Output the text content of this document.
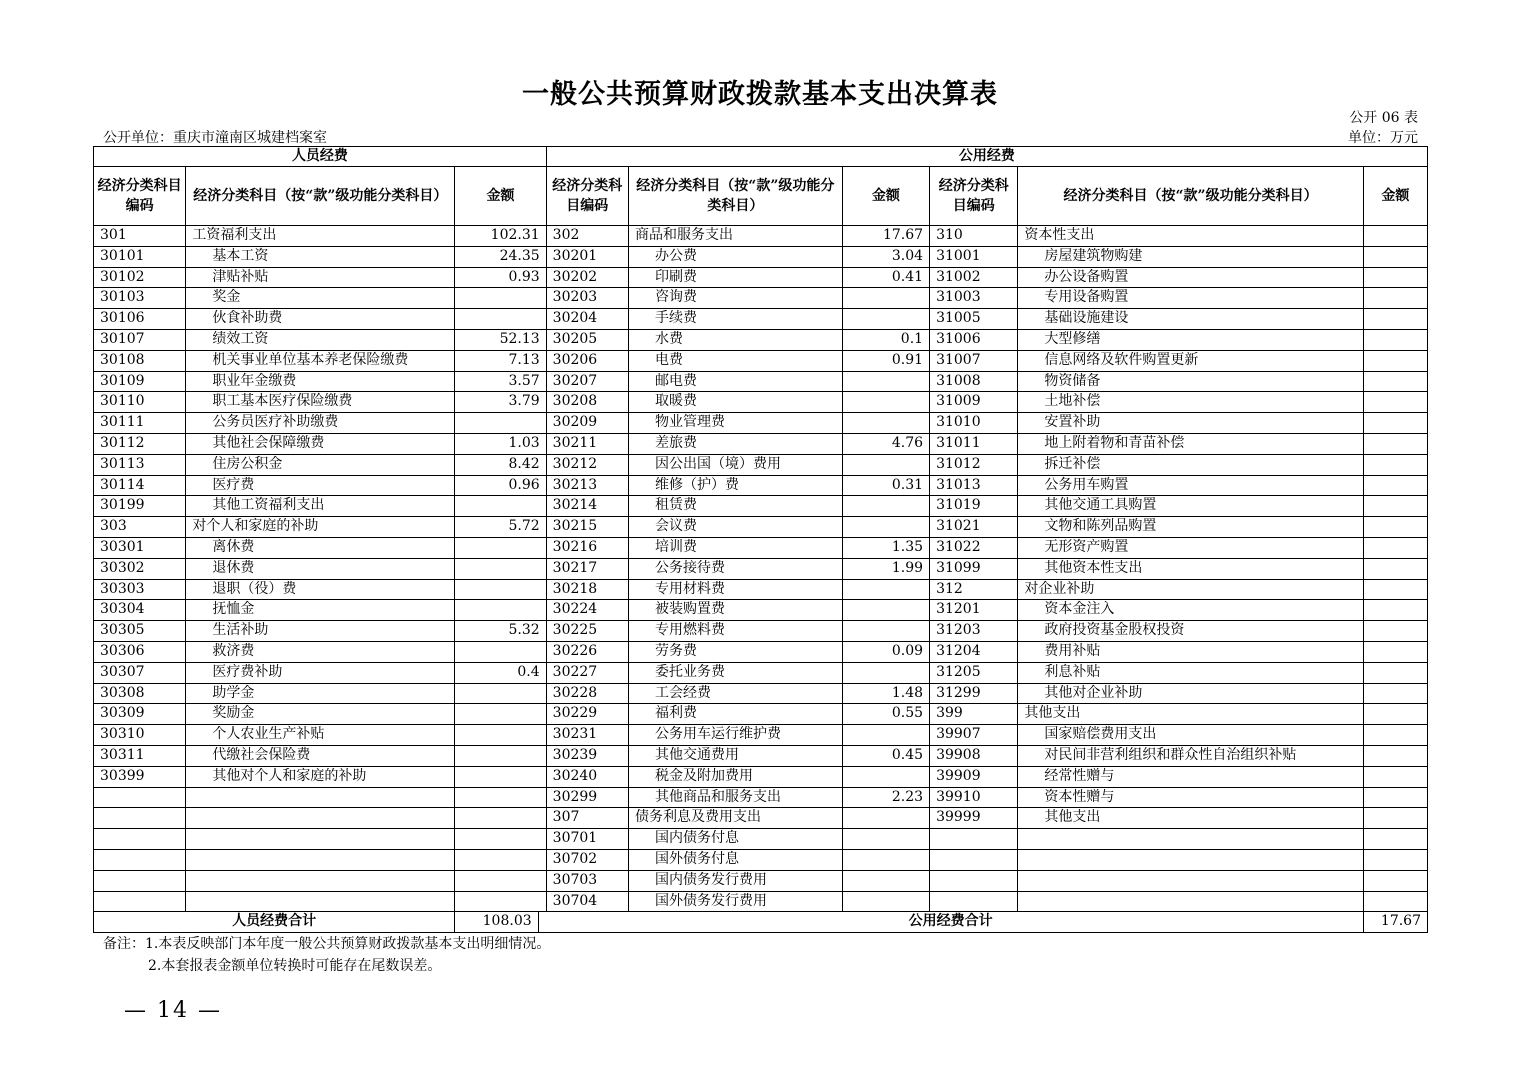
一般公共预算财政拨款基本支出决算表
公开 06 表
公开单位：重庆市潼南区城建档案室	单位：万元
人员经费				公用经费					
经济分类科目编码	经济分类科目（按“款”级功能分类科目）	金额		经济分类科目编码	经济分类科目（按“款”级功能分类科目）	金额	经济分类科目编码	经济分类科目（按“款”级功能分类科目）	金额
301	工资福利支出	102.31		302	商品和服务支出	17.67	310	资本性支出	
30101	基本工资	24.35		30201	办公费	3.04	31001	房屋建筑物购建	
30102	津贴补贴	0.93		30202	印刷费	0.41	31002	办公设备购置	
30103	奖金			30203	咨询费		31003	专用设备购置	
30106	伙食补助费			30204	手续费		31005	基础设施建设	
30107	绩效工资	52.13		30205	水费	0.1	31006	大型修缮	
30108	机关事业单位基本养老保险缴费	7.13		30206	电费	0.91	31007	信息网络及软件购置更新	
30109	职业年金缴费	3.57		30207	邮电费		31008	物资储备	
30110	职工基本医疗保险缴费	3.79		30208	取暖费		31009	土地补偿	
30111	公务员医疗补助缴费			30209	物业管理费		31010	安置补助	
30112	其他社会保障缴费	1.03		30211	差旅费	4.76	31011	地上附着物和青苗补偿	
30113	住房公积金	8.42		30212	因公出国（境）费用		31012	拆迁补偿	
30114	医疗费	0.96		30213	维修（护）费	0.31	31013	公务用车购置	
30199	其他工资福利支出			30214	租赁费		31019	其他交通工具购置	
303	对个人和家庭的补助	5.72		30215	会议费		31021	文物和陈列品购置	
30301	离休费			30216	培训费	1.35	31022	无形资产购置	
30302	退休费			30217	公务接待费	1.99	31099	其他资本性支出	
30303	退职（役）费			30218	专用材料费		312	对企业补助	
30304	抚恤金			30224	被装购置费		31201	资本金注入	
30305	生活补助	5.32		30225	专用燃料费		31203	政府投资基金股权投资	
30306	救济费			30226	劳务费	0.09	31204	费用补贴	
30307	医疗费补助	0.4		30227	委托业务费		31205	利息补贴	
30308	助学金			30228	工会经费	1.48	31299	其他对企业补助	
30309	奖励金			30229	福利费	0.55	399	其他支出	
30310	个人农业生产补贴			30231	公务用车运行维护费		39907	国家赔偿费用支出	
30311	代缴社会保险费			30239	其他交通费用	0.45	39908	对民间非营利组织和群众性自治组织补贴	
30399	其他对个人和家庭的补助			30240	税金及附加费用		39909	经常性赠与	
				30299	其他商品和服务支出	2.23	39910	资本性赠与	
				307	债务利息及费用支出		39999	其他支出	
				30701	国内债务付息				
				30702	国外债务付息				
				30703	国内债务发行费用				
				30704	国外债务发行费用				
人员经费合计		108.03	公用经费合计						17.67
备注：1.本表反映部门本年度一般公共预算财政拨款基本支出明细情况。
2.本套报表金额单位转换时可能存在尾数误差。
— 14 —
